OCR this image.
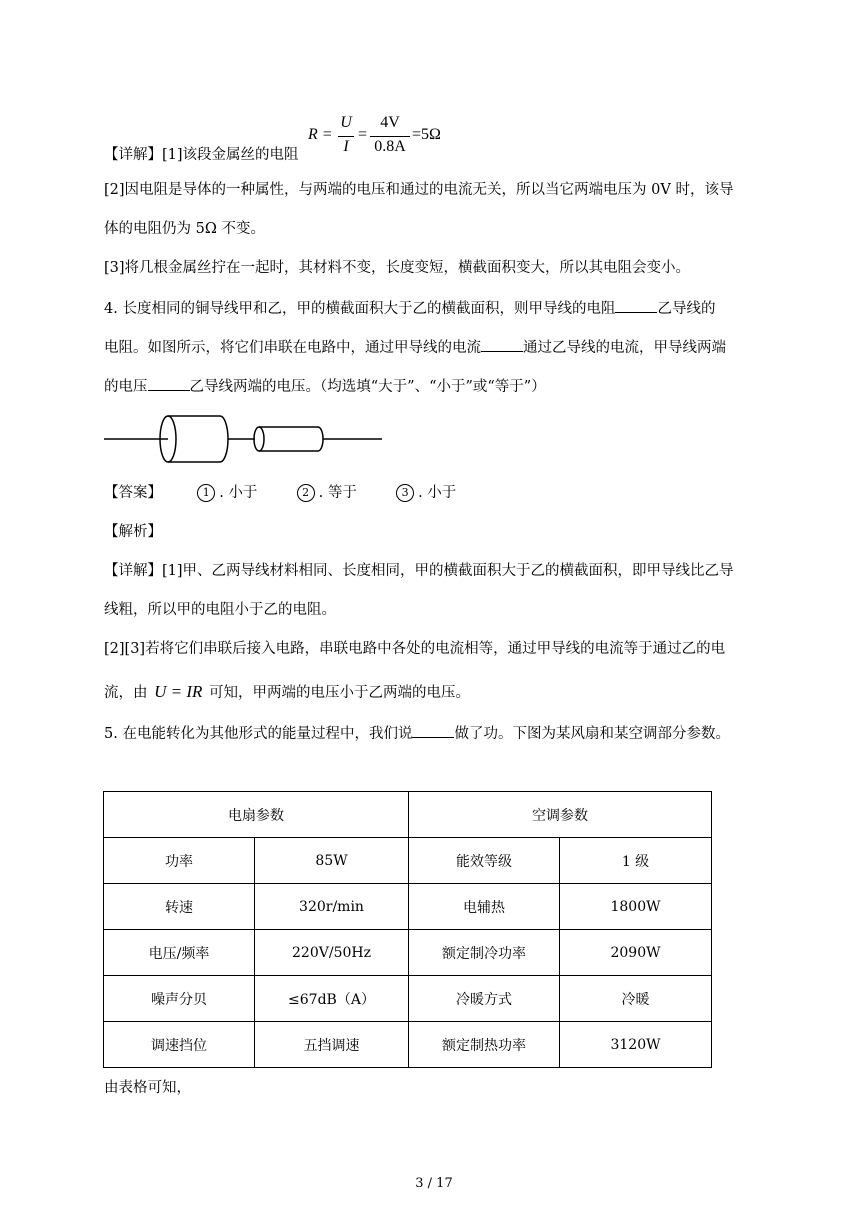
【详解】[1]该段金属丝的电阻
R =
U
I
=
4V
0.8A
=5Ω
[2]因电阻是导体的一种属性，与两端的电压和通过的电流无关，所以当它两端电压为 0V 时，该导
体的电阻仍为 5Ω 不变。
[3]将几根金属丝拧在一起时，其材料不变，长度变短，横截面积变大，所以其电阻会变小。
4. 长度相同的铜导线甲和乙，甲的横截面积大于乙的横截面积，则甲导线的电阻	乙导线的
电阻。如图所示，将它们串联在电路中，通过甲导线的电流	通过乙导线的电流，甲导线两端
的电压	乙导线两端的电压。（均选填“大于”、“小于”或“等于”）
【答案】	1 . 小于	2 . 等于	3 . 小于
【解析】
【详解】[1]甲、乙两导线材料相同、长度相同，甲的横截面积大于乙的横截面积，即甲导线比乙导
线粗，所以甲的电阻小于乙的电阻。
[2][3]若将它们串联后接入电路，串联电路中各处的电流相等，通过甲导线的电流等于通过乙的电
流，由 U = IR 可知，甲两端的电压小于乙两端的电压。
5. 在电能转化为其他形式的能量过程中，我们说	做了功。下图为某风扇和某空调部分参数。
电扇参数		空调参数	
功率	85W	能效等级	1 级
转速	320r/min	电辅热	1800W
电压/频率	220V/50Hz	额定制冷功率	2090W
噪声分贝	≤67dB（A）	冷暖方式	冷暖
调速挡位	五挡调速	额定制热功率	3120W
由表格可知，
3 / 17
